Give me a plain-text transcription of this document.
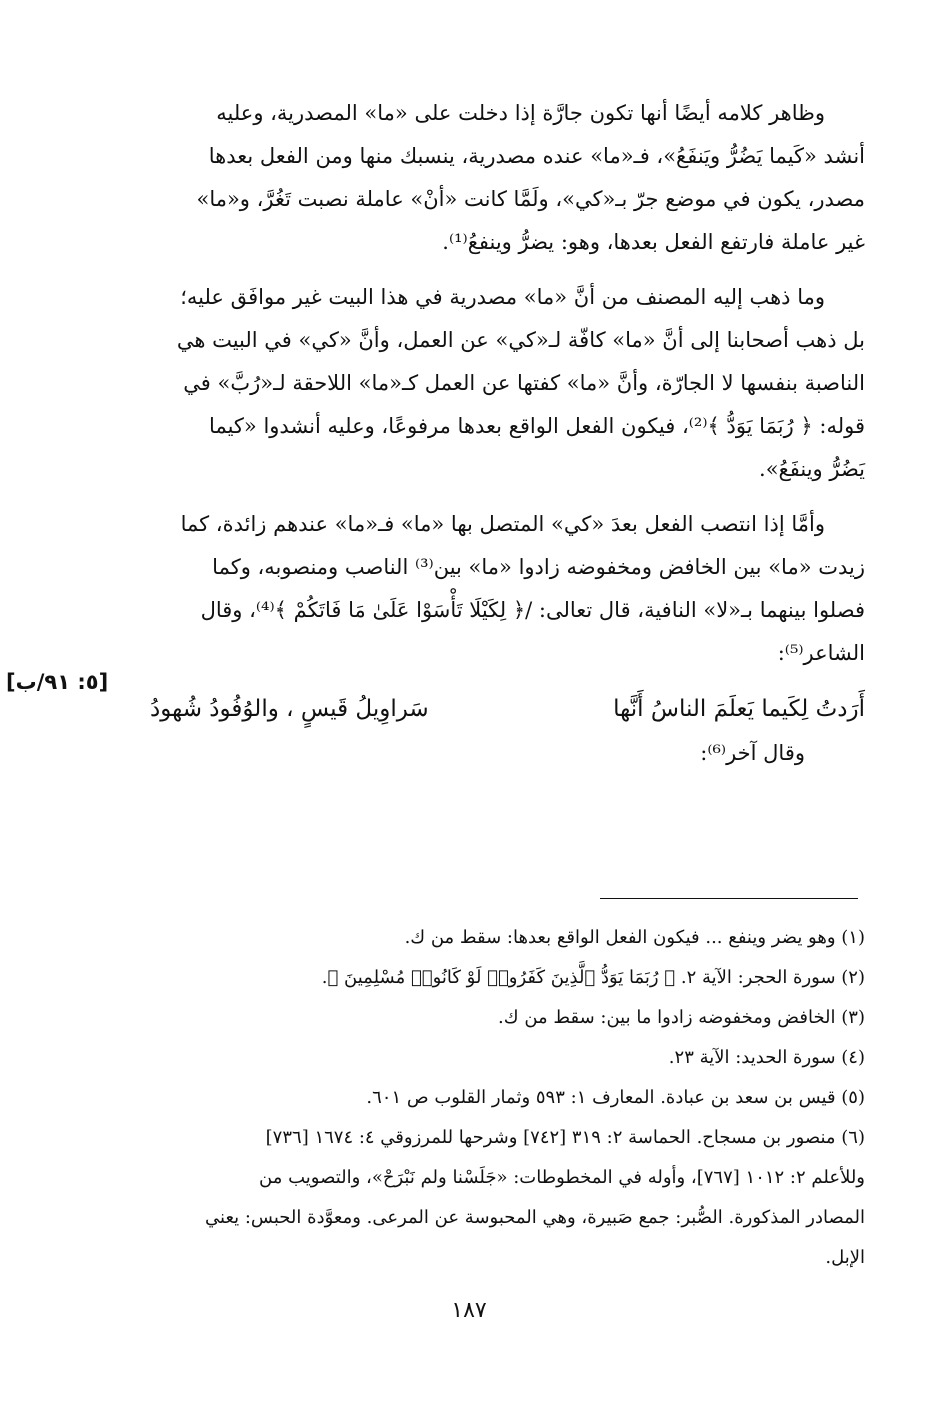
وظاهر كلامه أيضًا أنها تكون جارَّة إذا دخلت على «ما» المصدرية، وعليه

أنشد «كَيما يَضُرُّ ويَنفَعُ»، فـ«ما» عنده مصدرية، ينسبك منها ومن الفعل بعدها

مصدر، يكون في موضع جرّ بـ«كي»، ولَمَّا كانت «أنْ» عاملة نصبت تَغُرَّ، و«ما»

غير عاملة فارتفع الفعل بعدها، وهو: يضرُّ وينفعُ⁽¹⁾.

وما ذهب إليه المصنف من أنَّ «ما» مصدرية في هذا البيت غير موافَق عليه؛

بل ذهب أصحابنا إلى أنَّ «ما» كافّة لـ«كي» عن العمل، وأنَّ «كي» في البيت هي

الناصبة بنفسها لا الجارّة، وأنَّ «ما» كفتها عن العمل كـ«ما» اللاحقة لـ«رُبَّ» في

قوله: ﴿ رُبَمَا يَوَدُّ ﴾⁽²⁾، فيكون الفعل الواقع بعدها مرفوعًا، وعليه أنشدوا «كيما

يَضُرُّ وينفَعُ».

وأمَّا إذا انتصب الفعل بعدَ «كي» المتصل بها «ما» فـ«ما» عندهم زائدة، كما

زيدت «ما» بين الخافض ومخفوضه زادوا «ما» بين⁽³⁾ الناصب ومنصوبه، وكما

فصلوا بينهما بـ«لا» النافية، قال تعالى: /﴿ لِكَيْلَا تَأْسَوْا عَلَىٰ مَا فَاتَكُمْ ﴾⁽⁴⁾، وقال

الشاعر⁽⁵⁾:

أَرَدتُ لِكَيما يَعلَمَ الناسُ أَنَّها
سَراوِيلُ قَيسٍ ، والوُفُودُ شُهودُ
وقال آخر⁽⁶⁾:
[٥: ٩١/ب]

(١) وهو يضر وينفع ... فيكون الفعل الواقع بعدها: سقط من ك.

(٢) سورة الحجر: الآية ٢. ﴿ رُبَمَا يَوَدُّ ٱلَّذِينَ كَفَرُوا۟ لَوْ كَانُوا۟ مُسْلِمِينَ ﴾.

(٣) الخافض ومخفوضه زادوا ما بين: سقط من ك.

(٤) سورة الحديد: الآية ٢٣.

(٥) قيس بن سعد بن عبادة. المعارف ١: ٥٩٣ وثمار القلوب ص ٦٠١.

(٦) منصور بن مسجاح. الحماسة ٢: ٣١٩ [٧٤٢] وشرحها للمرزوقي ٤: ١٦٧٤ [٧٣٦]
وللأعلم ٢: ١٠١٢ [٧٦٧]، وأوله في المخطوطات: «جَلَسْنا ولم نَبْرَحْ»، والتصويب من
المصادر المذكورة. الصُّبر: جمع صَبيرة، وهي المحبوسة عن المرعى. ومعوَّدة الحبس: يعني
الإبل.
١٨٧
